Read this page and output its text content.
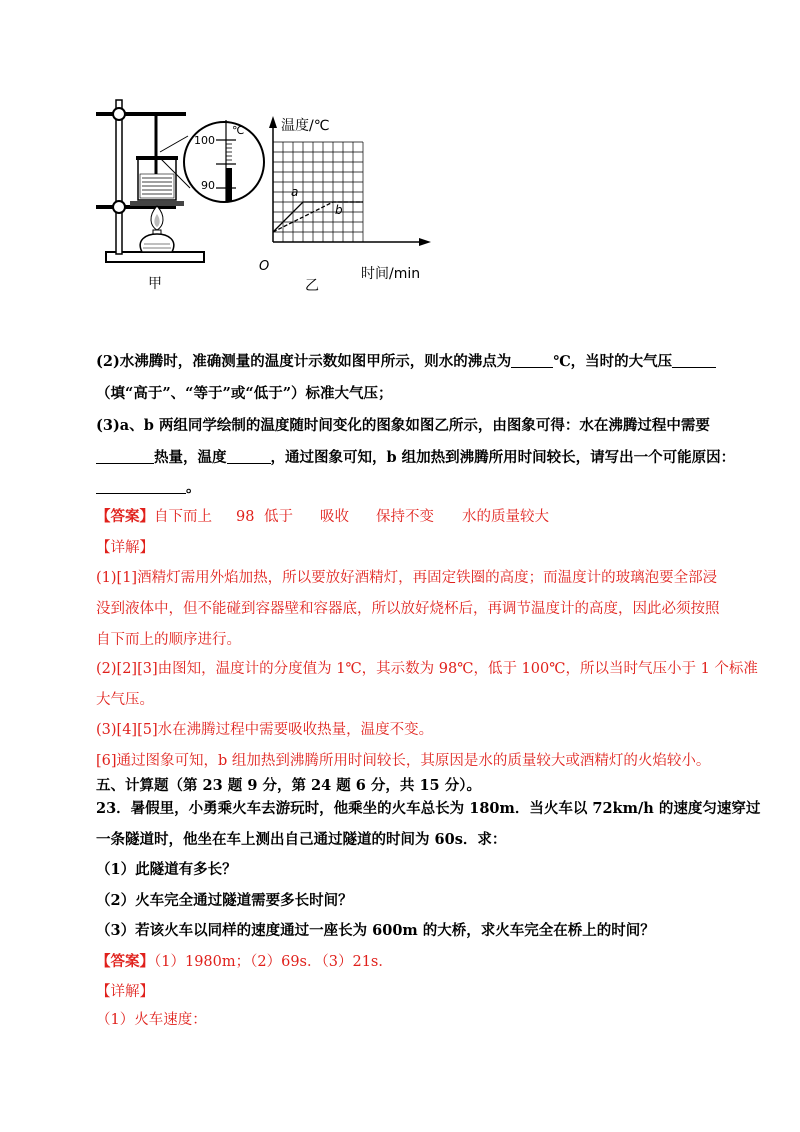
℃
100
90
甲
a
b
温度/℃
时间/min
O
乙
(2)水沸腾时，准确测量的温度计示数如图甲所示，则水的沸点为	℃，当时的大气压
（填“高于”、“等于”或“低于”）标准大气压；
(3)a、b 两组同学绘制的温度随时间变化的图象如图乙所示，由图象可得：水在沸腾过程中需要
热量，温度	，通过图象可知，b 组加热到沸腾所用时间较长，请写出一个可能原因：
。
【答案】自下而上 98 低于 吸收 保持不变 水的质量较大
【详解】
(1)[1]酒精灯需用外焰加热，所以要放好酒精灯，再固定铁圈的高度；而温度计的玻璃泡要全部浸
没到液体中，但不能碰到容器壁和容器底，所以放好烧杯后，再调节温度计的高度，因此必须按照
自下而上的顺序进行。
(2)[2][3]由图知，温度计的分度值为 1℃，其示数为 98℃，低于 100℃，所以当时气压小于 1 个标准
大气压。
(3)[4][5]水在沸腾过程中需要吸收热量，温度不变。
[6]通过图象可知，b 组加热到沸腾所用时间较长，其原因是水的质量较大或酒精灯的火焰较小。
五、计算题（第 23 题 9 分，第 24 题 6 分，共 15 分）。
23．暑假里，小勇乘火车去游玩时，他乘坐的火车总长为 180m．当火车以 72km/h 的速度匀速穿过
一条隧道时，他坐在车上测出自己通过隧道的时间为 60s．求：
（1）此隧道有多长？
（2）火车完全通过隧道需要多长时间？
（3）若该火车以同样的速度通过一座长为 600m 的大桥，求火车完全在桥上的时间？
【答案】（1）1980m；（2）69s．（3）21s．
【详解】
（1）火车速度：
